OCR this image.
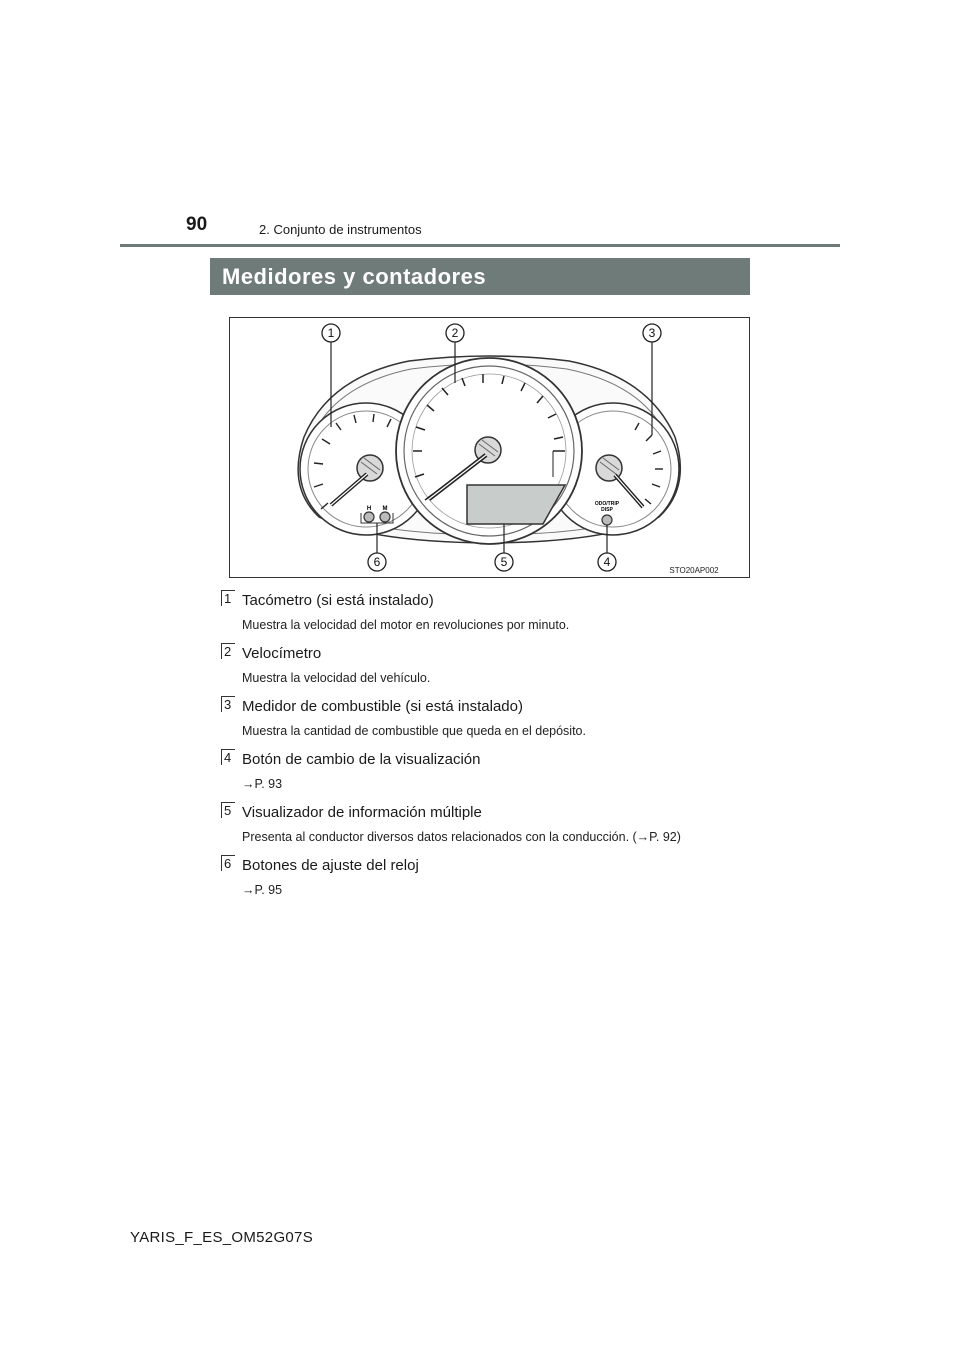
90	2. Conjunto de instrumentos
Medidores y contadores
H M
ODO/TRIP
DISP
1	2	3
4
5
6
STO20AP002
1 Tacómetro (si está instalado)
Muestra la velocidad del motor en revoluciones por minuto.
2 Velocímetro
Muestra la velocidad del vehículo.
3 Medidor de combustible (si está instalado)
Muestra la cantidad de combustible que queda en el depósito.
4 Botón de cambio de la visualización
→P. 93
5 Visualizador de información múltiple
Presenta al conductor diversos datos relacionados con la conducción. (→P. 92)
6 Botones de ajuste del reloj
→P. 95
YARIS_F_ES_OM52G07S
